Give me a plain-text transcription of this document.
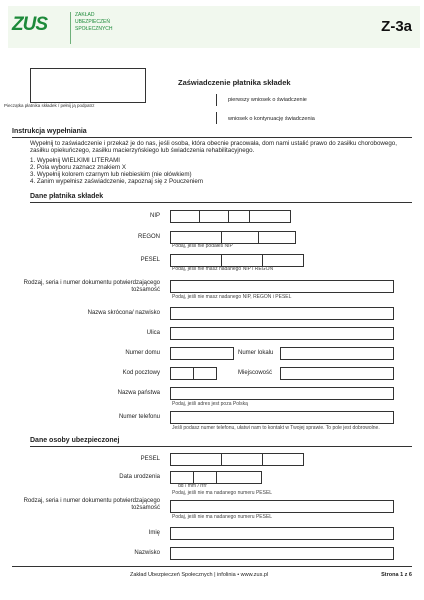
ZUS	ZAKŁAD
UBEZPIECZEŃ
SPOŁECZNYCH	Z-3a
Pieczątka płatnika składek / pełnij ją podpatrz
Zaświadczenie płatnika składek
pierwszy wniosek o świadczenie
wniosek o kontynuację świadczenia
Instrukcja wypełniania
Wypełnij to zaświadczenie i przekaż je do nas, jeśli osoba, która obecnie pracowała, dom nami ustalić prawo do zasiłku chorobowego, zasiłku opiekuńczego, zasiłku macierzyńskiego lub świadczenia rehabilitacyjnego.
1. Wypełnij WIELKIMI LITERAMI
2. Pola wyboru zaznacz znakiem X
3. Wypełnij kolorem czarnym lub niebieskim (nie ołówkiem)
4. Zanim wypełnisz zaświadczenie, zapoznaj się z Pouczeniem
Dane płatnika składek
NIP
REGON
Podaj, jeśli nie podałeś NIP
PESEL
Podaj, jeśli nie masz nadanego NIP i REGON
Rodzaj, seria i numer dokumentu potwierdzającego tożsamość
Podaj, jeśli nie masz nadanego NIP, REGON i PESEL
Nazwa skrócona/ nazwisko
Ulica
Numer domu	Numer lokalu
Kod pocztowy	Miejscowość
Nazwa państwa
Podaj, jeśli adres jest poza Polską
Numer telefonu
Jeśli podasz numer telefonu, ułatwi nam to kontakt w Twojej sprawie. To pole jest dobrowolne.
Dane osoby ubezpieczonej
PESEL
Data urodzenia
dd / mm / rrrr
Podaj, jeśli nie ma nadanego numeru PESEL
Rodzaj, seria i numer dokumentu potwierdzającego tożsamość
Podaj, jeśli nie ma nadanego numeru PESEL
Imię
Nazwisko
Zakład Ubezpieczeń Społecznych | infolinia • www.zus.pl	Strona 1 z 6
